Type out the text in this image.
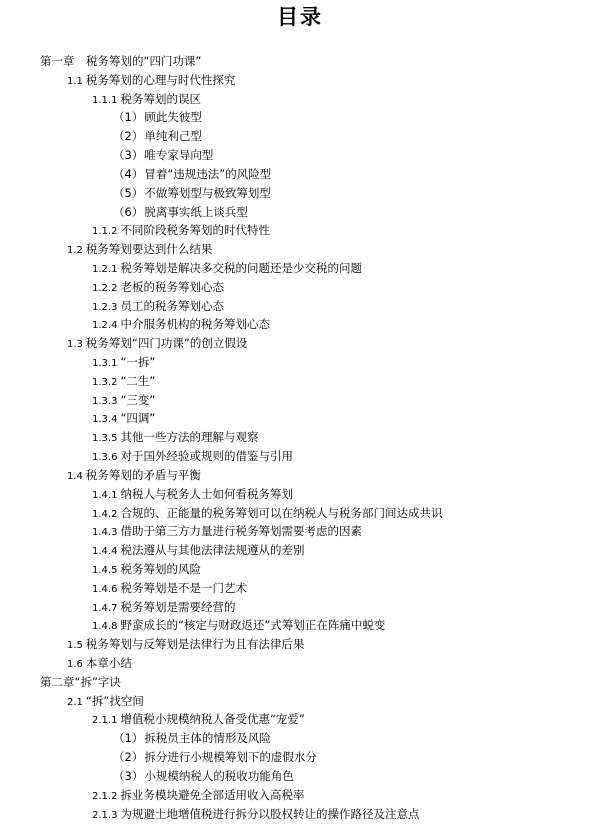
目录
第一章　税务筹划的“四门功课”
1.1 税务筹划的心理与时代性探究
1.1.1 税务筹划的误区
（1）顾此失彼型
（2）单纯利己型
（3）唯专家导向型
（4）冒着“违规违法”的风险型
（5）不做筹划型与极致筹划型
（6）脱离事实纸上谈兵型
1.1.2 不同阶段税务筹划的时代特性
1.2 税务筹划要达到什么结果
1.2.1 税务筹划是解决多交税的问题还是少交税的问题
1.2.2 老板的税务筹划心态
1.2.3 员工的税务筹划心态
1.2.4 中介服务机构的税务筹划心态
1.3 税务筹划“四门功课”的创立假设
1.3.1 “一拆”
1.3.2 “二生”
1.3.3 “三变”
1.3.4 “四调”
1.3.5 其他一些方法的理解与观察
1.3.6 对于国外经验或规则的借鉴与引用
1.4 税务筹划的矛盾与平衡
1.4.1 纳税人与税务人士如何看税务筹划
1.4.2 合规的、正能量的税务筹划可以在纳税人与税务部门间达成共识
1.4.3 借助于第三方力量进行税务筹划需要考虑的因素
1.4.4 税法遵从与其他法律法规遵从的差别
1.4.5 税务筹划的风险
1.4.6 税务筹划是不是一门艺术
1.4.7 税务筹划是需要经营的
1.4.8 野蛮成长的“核定与财政返还”式筹划正在阵痛中蜕变
1.5 税务筹划与反筹划是法律行为且有法律后果
1.6 本章小结
第二章“拆”字诀
2.1 “拆”找空间
2.1.1 增值税小规模纳税人备受优惠“宠爱”
（1）拆税员主体的情形及风险
（2）拆分进行小规模筹划下的虚假水分
（3）小规模纳税人的税收功能角色
2.1.2 拆业务模块避免全部适用收入高税率
2.1.3 为规避土地增值税进行拆分以股权转让的操作路径及注意点
